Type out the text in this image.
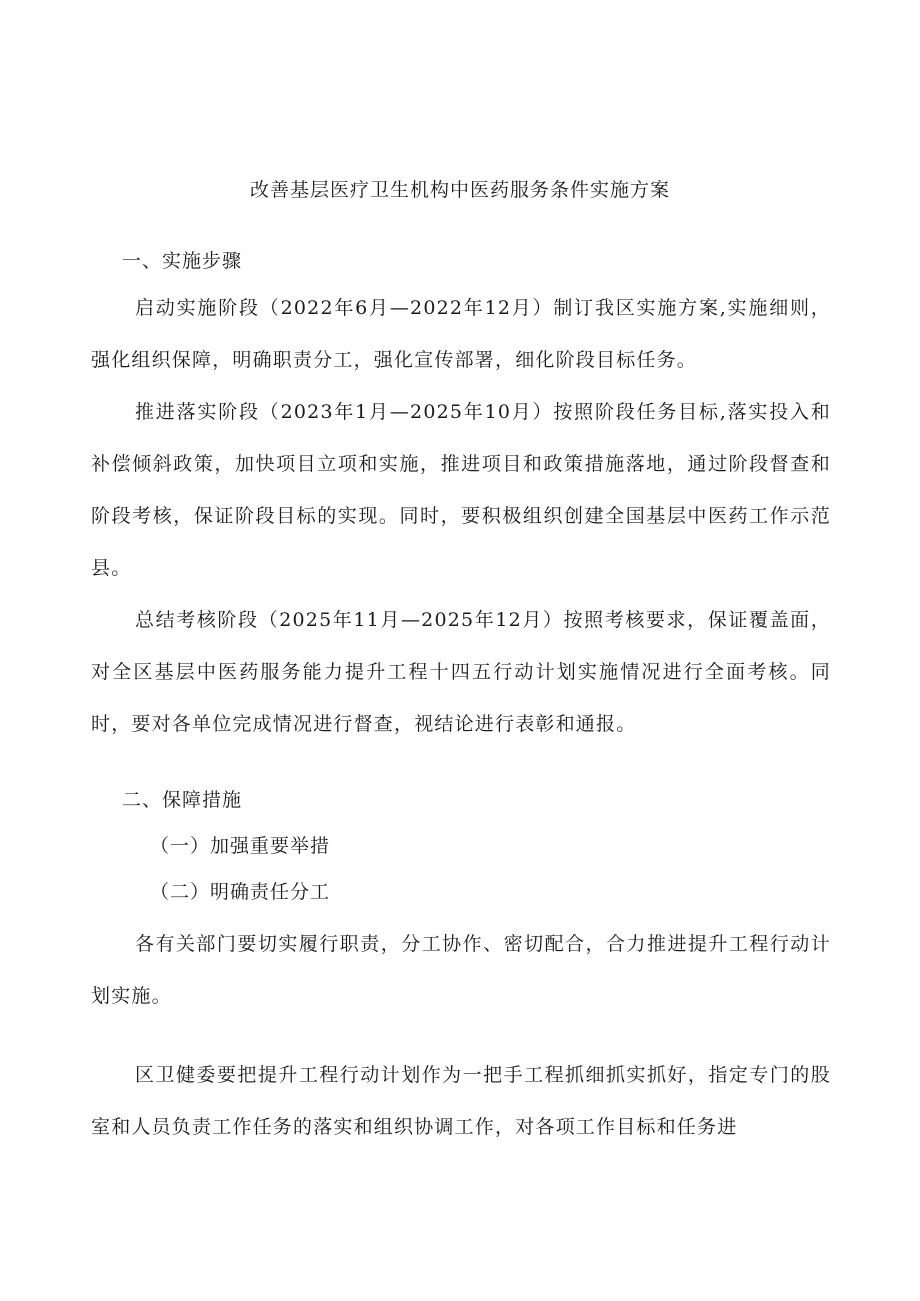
改善基层医疗卫生机构中医药服务条件实施方案
一、实施步骤

启动实施阶段（2022年6月—2022年12月）制订我区实施方案,实施细则，强化组织保障，明确职责分工，强化宣传部署，细化阶段目标任务。

推进落实阶段（2023年1月—2025年10月）按照阶段任务目标,落实投入和补偿倾斜政策，加快项目立项和实施，推进项目和政策措施落地，通过阶段督查和阶段考核，保证阶段目标的实现。同时，要积极组织创建全国基层中医药工作示范县。

总结考核阶段（2025年11月—2025年12月）按照考核要求，保证覆盖面，对全区基层中医药服务能力提升工程十四五行动计划实施情况进行全面考核。同时，要对各单位完成情况进行督查，视结论进行表彰和通报。

二、保障措施

（一）加强重要举措

（二）明确责任分工

各有关部门要切实履行职责，分工协作、密切配合，合力推进提升工程行动计划实施。

区卫健委要把提升工程行动计划作为一把手工程抓细抓实抓好，指定专门的股室和人员负责工作任务的落实和组织协调工作，对各项工作目标和任务进
